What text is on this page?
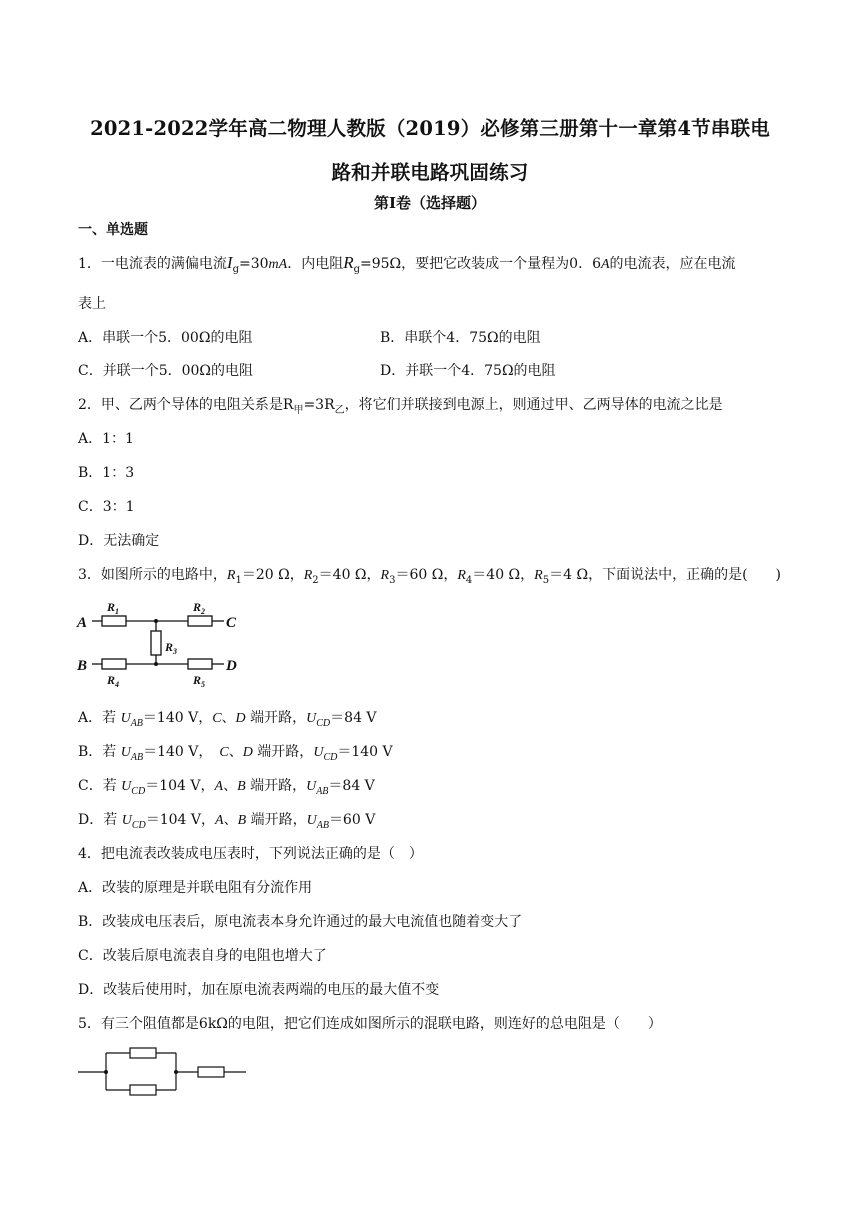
2021-2022学年高二物理人教版（2019）必修第三册第十一章第4节串联电
路和并联电路巩固练习
第Ⅰ卷（选择题）
一、单选题
1．一电流表的满偏电流$I_g=30mA$．内电阻$R_g=95\Omega$，要把它改装成一个量程为0．6A的电流表，应在电流
表上
A．串联一个5．00Ω的电阻	B．串联个4．75Ω的电阻
C．并联一个5．00Ω的电阻	D．并联一个4．75Ω的电阻
2．甲、乙两个导体的电阻关系是$R_甲=3R_乙$，将它们并联接到电源上，则通过甲、乙两导体的电流之比是
A．1：1
B．1：3
C．3：1
D．无法确定
3．如图所示的电路中，$R_1=20$ Ω，$R_2=40$ Ω，$R_3=60$ Ω，$R_4=40$ Ω，$R_5=4$ Ω，下面说法中，正确的是(　　)
A
B
C
D
$R_1$	$R_2$
$R_3$
$R_4$	$R_5$
A．若 $U_{AB}=140$ V，C、D 端开路，$U_{CD}=84$ V
B．若 $U_{AB}=140$ V，　C、D 端开路，$U_{CD}=140$ V
C．若 $U_{CD}=104$ V，A、B 端开路，$U_{AB}=84$ V
D．若 $U_{CD}=104$ V，A、B 端开路，$U_{AB}=60$ V
4．把电流表改装成电压表时，下列说法正确的是（　）
A．改装的原理是并联电阻有分流作用
B．改装成电压表后，原电流表本身允许通过的最大电流值也随着变大了
C．改装后原电流表自身的电阻也增大了
D．改装后使用时，加在原电流表两端的电压的最大值不变
5．有三个阻值都是6kΩ的电阻，把它们连成如图所示的混联电路，则连好的总电阻是（　　）
